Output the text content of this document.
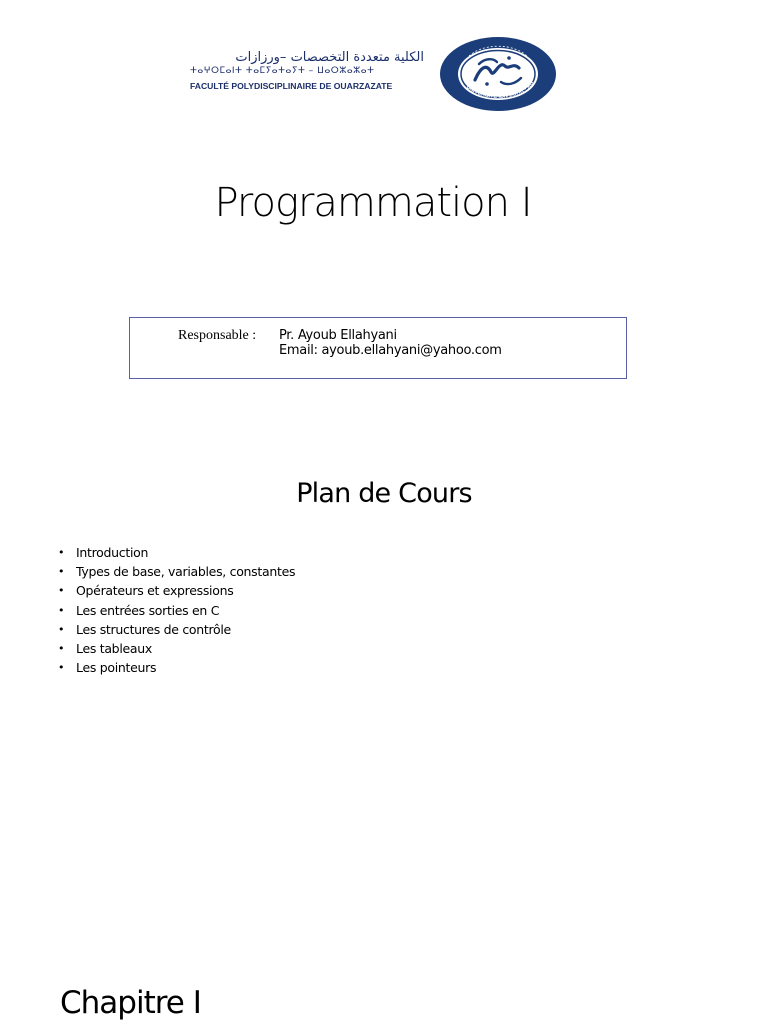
الكلية متعددة التخصصات –ورزازات
ⵜⴰⵖⵔⵎⴰⵏⵜ ⵜⴰⵎⵢⴰⵜⴰⵢⵜ – ⵡⴰⵔⵣⴰⵣⴰⵜ
FACULTÉ POLYDISCIPLINAIRE DE OUARZAZATE	UNIVERSITÉ IBN ZOHR - AG
Programmation I
Responsable : Pr. Ayoub Ellahyani
Email: ayoub.ellahyani@yahoo.com
Plan de Cours
• Introduction
• Types de base, variables, constantes
• Opérateurs et expressions
• Les entrées sorties en C
• Les structures de contrôle
• Les tableaux
• Les pointeurs
Chapitre I
